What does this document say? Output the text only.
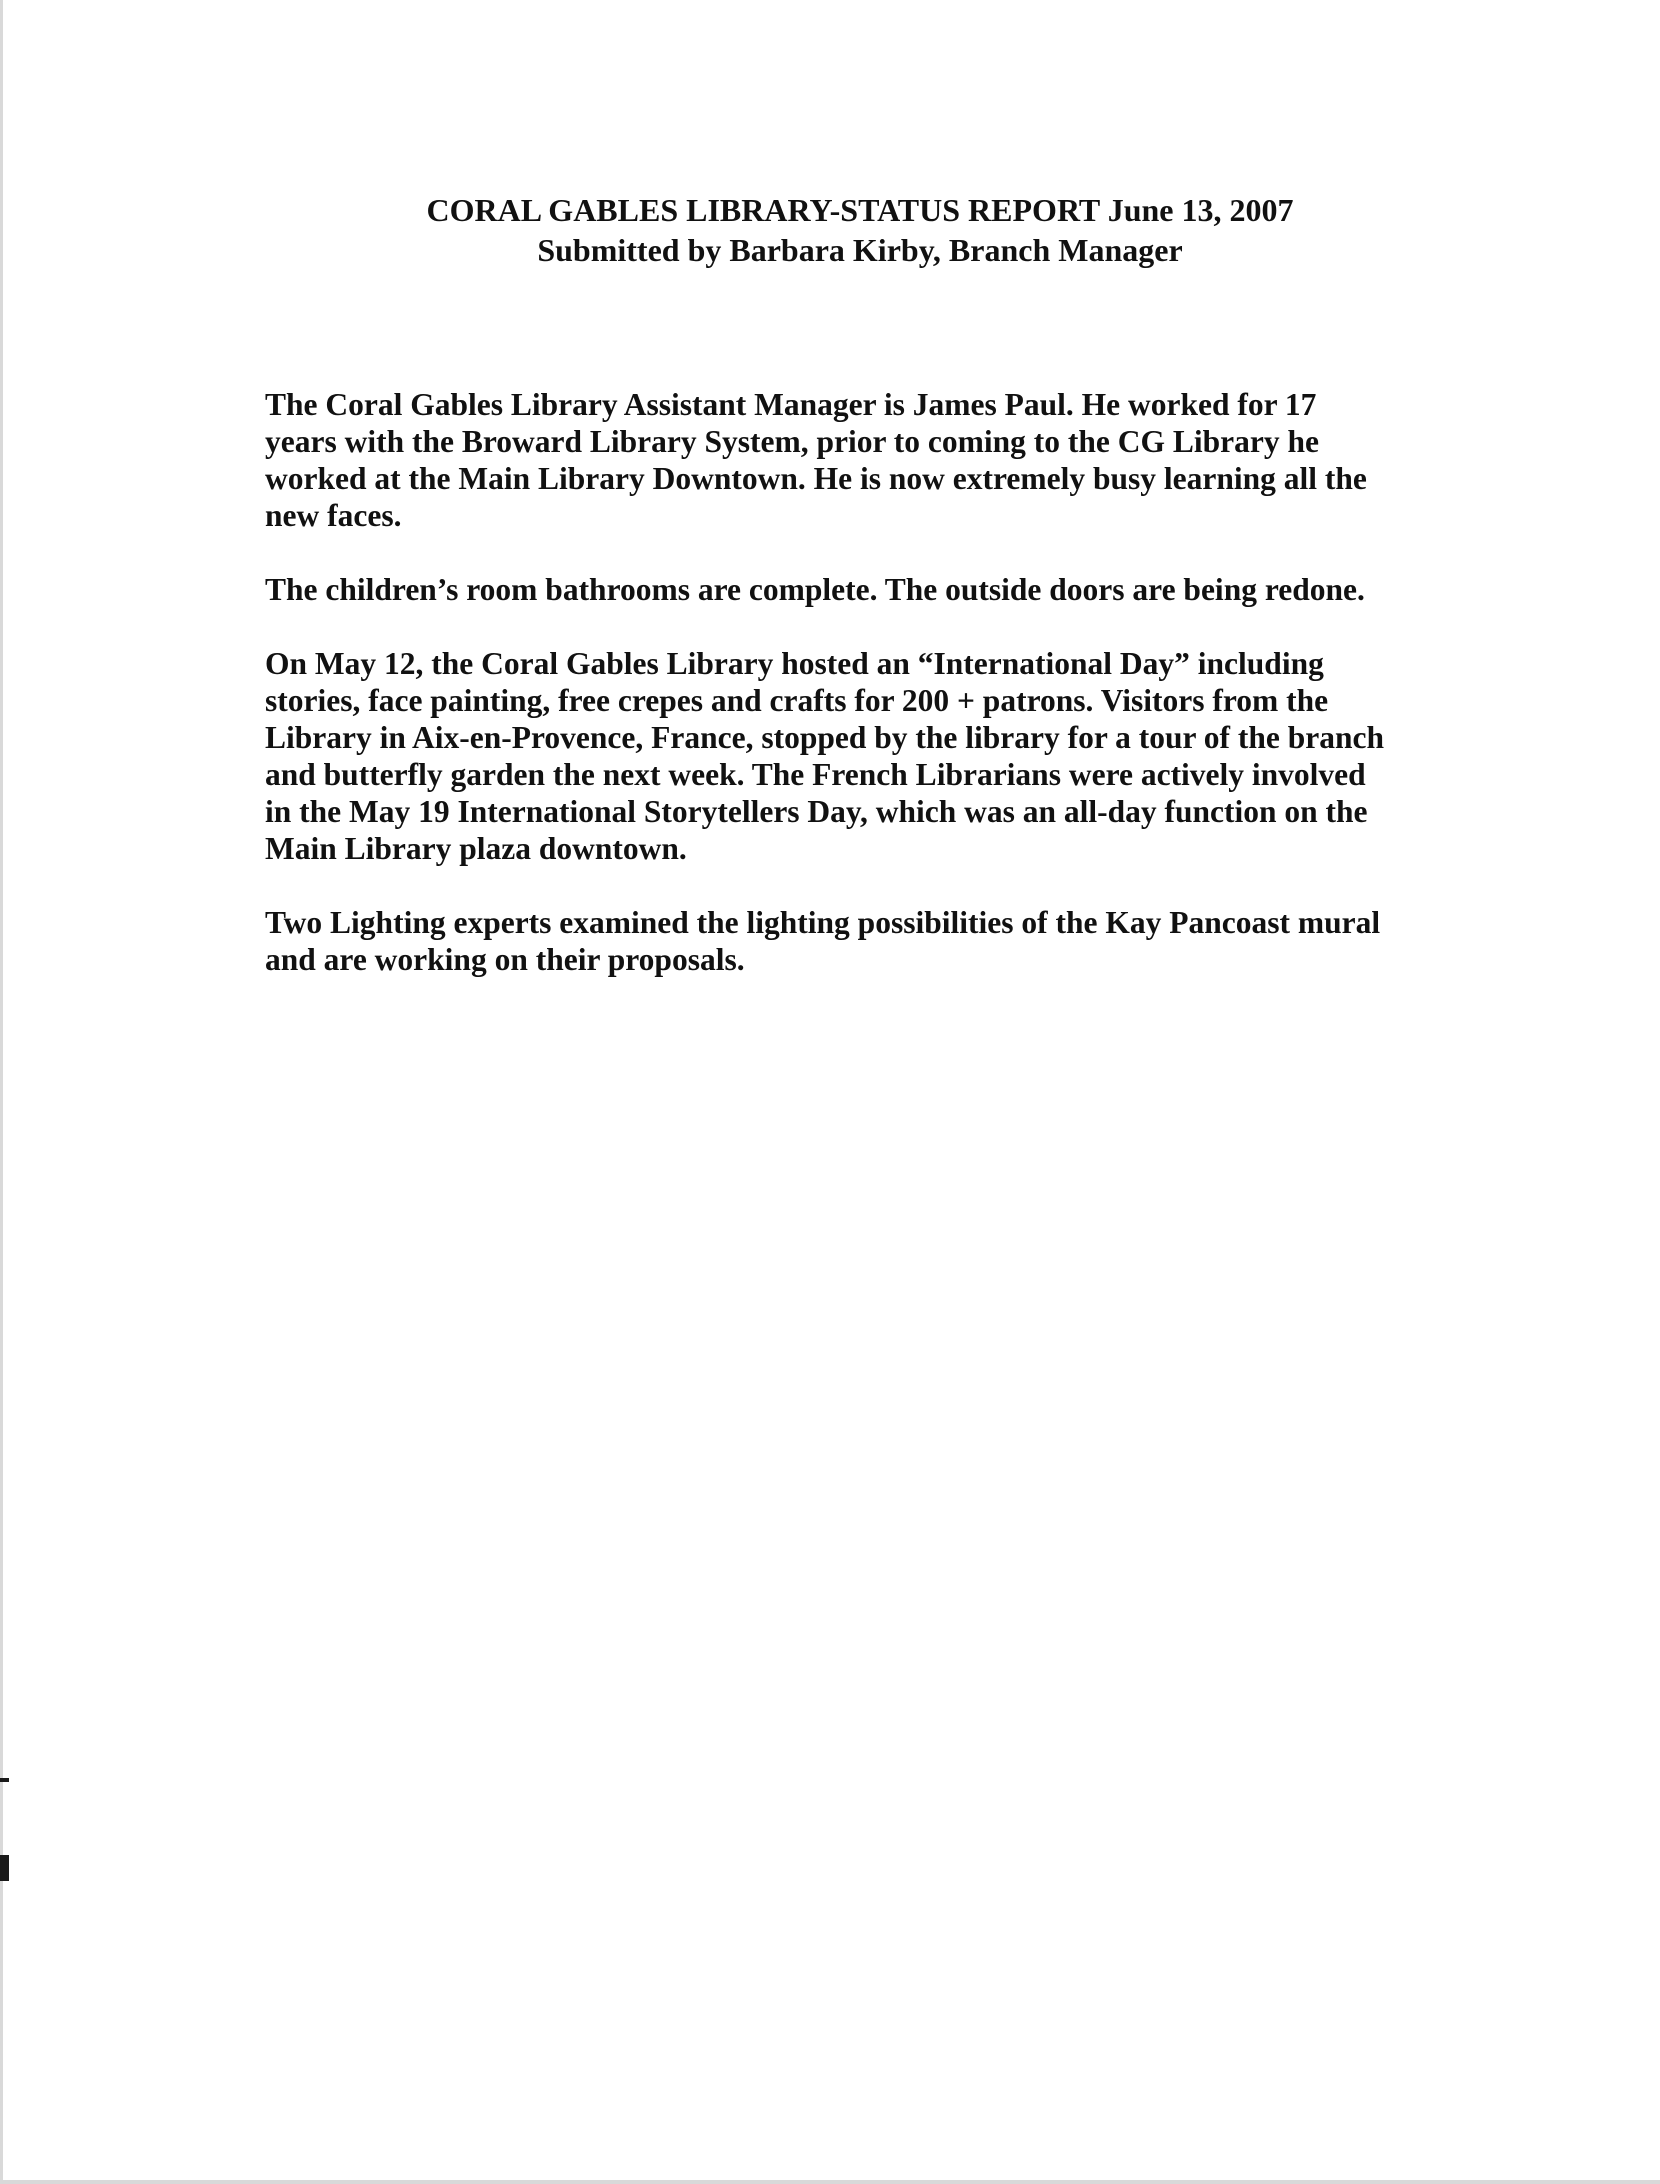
CORAL GABLES LIBRARY-STATUS REPORT June 13, 2007
Submitted by Barbara Kirby, Branch Manager

The Coral Gables Library Assistant Manager is James Paul. He worked for 17
years with the Broward Library System, prior to coming to the CG Library he
worked at the Main Library Downtown. He is now extremely busy learning all the
new faces.

The children’s room bathrooms are complete. The outside doors are being redone.

On May 12, the Coral Gables Library hosted an “International Day” including
stories, face painting, free crepes and crafts for 200 + patrons. Visitors from the
Library in Aix-en-Provence, France, stopped by the library for a tour of the branch
and butterfly garden the next week. The French Librarians were actively involved
in the May 19 International Storytellers Day, which was an all-day function on the
Main Library plaza downtown.

Two Lighting experts examined the lighting possibilities of the Kay Pancoast mural
and are working on their proposals.
